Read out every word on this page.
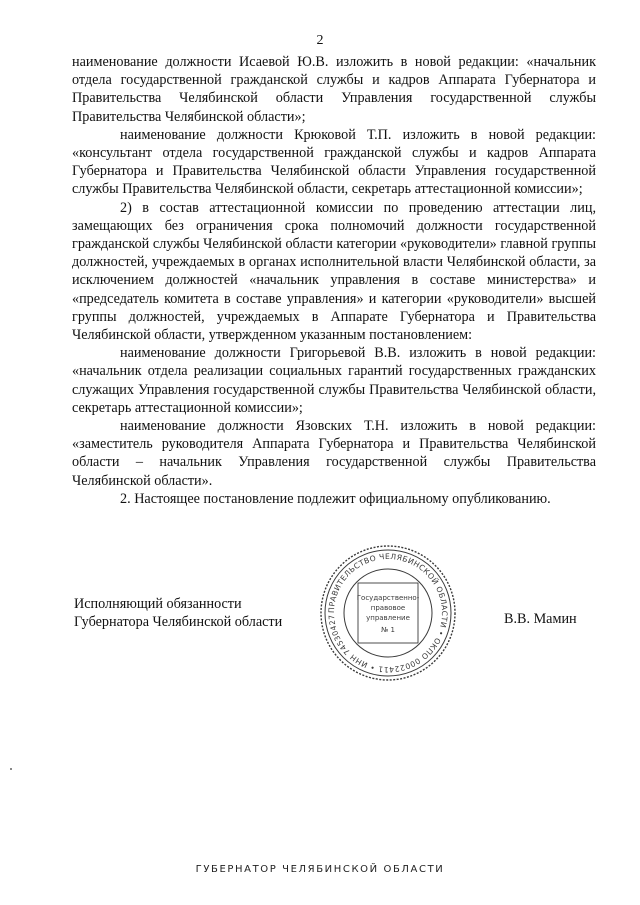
2

наименование должности Исаевой Ю.В. изложить в новой редакции: «начальник отдела государственной гражданской службы и кадров Аппарата Губернатора и Правительства Челябинской области Управления государственной службы Правительства Челябинской области»;

наименование должности Крюковой Т.П. изложить в новой редакции: «консультант отдела государственной гражданской службы и кадров Аппарата Губернатора и Правительства Челябинской области Управления государственной службы Правительства Челябинской области, секретарь аттестационной комиссии»;

2) в состав аттестационной комиссии по проведению аттестации лиц, замещающих без ограничения срока полномочий должности государственной гражданской службы Челябинской области категории «руководители» главной группы должностей, учреждаемых в органах исполнительной власти Челябинской области, за исключением должностей «начальник управления в составе министерства» и «председатель комитета в составе управления» и категории «руководители» высшей группы должностей, учреждаемых в Аппарате Губернатора и Правительства Челябинской области, утвержденном указанным постановлением:

наименование должности Григорьевой В.В. изложить в новой редакции: «начальник отдела реализации социальных гарантий государственных гражданских служащих Управления государственной службы Правительства Челябинской области, секретарь аттестационной комиссии»;

наименование должности Язовских Т.Н. изложить в новой редакции: «заместитель руководителя Аппарата Губернатора и Правительства Челябинской области – начальник Управления государственной службы Правительства Челябинской области».

2. Настоящее постановление подлежит официальному опубликованию.

Исполняющий обязанности
Губернатора Челябинской области
ПРАВИТЕЛЬСТВО ЧЕЛЯБИНСКОЙ ОБЛАСТИ • ОКПО 00022411 • ИНН 74530427
Государственно-
правовое
управление
№ 1
В.В. Мамин
ГУБЕРНАТОР ЧЕЛЯБИНСКОЙ ОБЛАСТИ
